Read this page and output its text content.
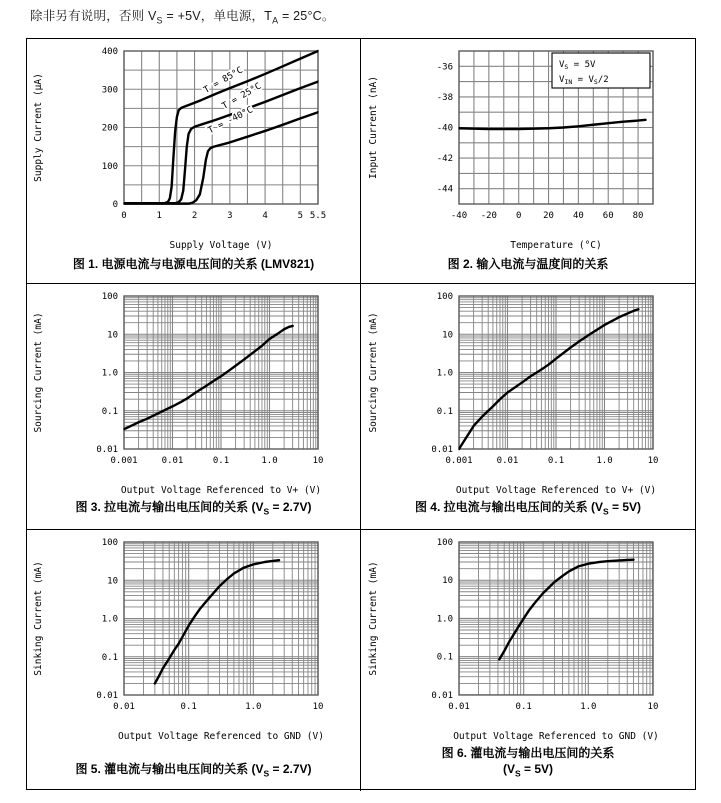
除非另有说明，否则 $V_S = +5V$，单电源，$T_A = 25^\circ C$。
T = 85°C
T = 25°C
T = -40°C
0	1	2	3	4	5 5.5
0
100
200
300
400
Supply Voltage (V)
Supply Current (μA)
图 1. 电源电流与电源电压间的关系 (LMV821)
$V_S = 5V$
$V_{IN} = V_S/2$
-40 -20 0 20 40 60 80
-36
-38
-40
-42
-44
Temperature (°C)
Input Current (nA)
图 2. 输入电流与温度间的关系
0.001	0.01	0.1	1.0	10
0.01
0.1
1.0
10
100
Output Voltage Referenced to V+ (V)
Sourcing Current (mA)
图 3. 拉电流与输出电压间的关系 $(V_S = 2.7V)$
0.001	0.01	0.1	1.0	10
0.01
0.1
1.0
10
100
Output Voltage Referenced to V+ (V)
Sourcing Current (mA)
图 4. 拉电流与输出电压间的关系 $(V_S = 5V)$
0.01	0.1	1.0	10
0.01
0.1
1.0
10
100
Output Voltage Referenced to GND (V)
Sinking Current (mA)
图 5. 灌电流与输出电压间的关系 $(V_S = 2.7V)$
0.01	0.1	1.0	10
0.01
0.1
1.0
10
100
Output Voltage Referenced to GND (V)
Sinking Current (mA)
图 6. 灌电流与输出电压间的关系
$(V_S = 5V)$
